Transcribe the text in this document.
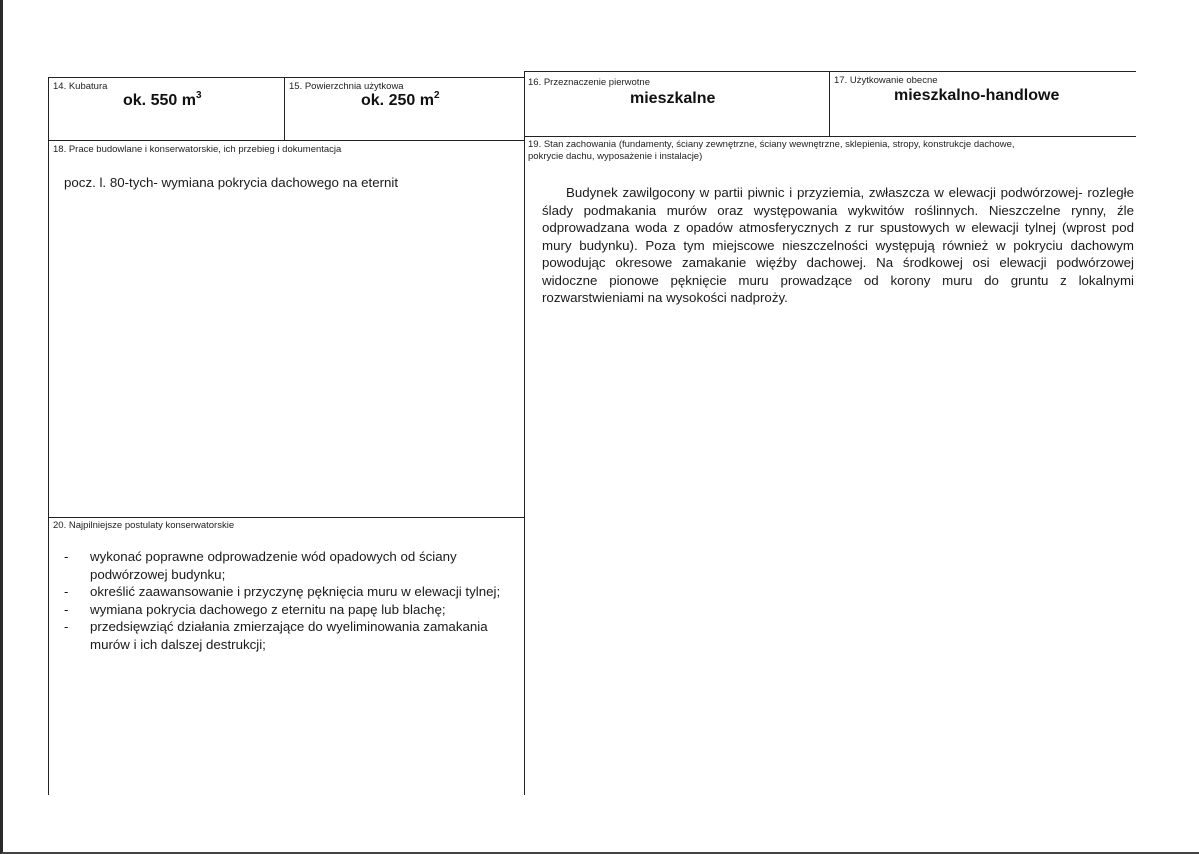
14. Kubatura
ok. 550 $m^3$
15. Powierzchnia użytkowa
ok. 250 $m^2$
16. Przeznaczenie pierwotne
mieszkalne
17. Użytkowanie obecne
mieszkalno-handlowe
18. Prace budowlane i konserwatorskie, ich przebieg i dokumentacja
pocz. l. 80-tych- wymiana pokrycia dachowego na eternit
19. Stan zachowania (fundamenty, ściany zewnętrzne, ściany wewnętrzne, sklepienia, stropy, konstrukcje dachowe,
pokrycie dachu, wyposażenie i instalacje)
Budynek zawilgocony w partii piwnic i przyziemia, zwłaszcza w elewacji podwórzowej- rozległe ślady podmakania murów oraz występowania wykwitów roślinnych. Nieszczelne rynny, źle odprowadzana woda z opadów atmosferycznych z rur spustowych w elewacji tylnej (wprost pod mury budynku). Poza tym miejscowe nieszczelności występują również w pokryciu dachowym powodując okresowe zamakanie więźby dachowej. Na środkowej osi elewacji podwórzowej widoczne pionowe pęknięcie muru prowadzące od korony muru do gruntu z lokalnymi rozwarstwieniami na wysokości nadproży.
20. Najpilniejsze postulaty konserwatorskie
- wykonać poprawne odprowadzenie wód opadowych od ściany podwórzowej budynku;
- określić zaawansowanie i przyczynę pęknięcia muru w elewacji tylnej;
- wymiana pokrycia dachowego z eternitu na papę lub blachę;
- przedsięwziąć działania zmierzające do wyeliminowania zamakania murów i ich dalszej destrukcji;
